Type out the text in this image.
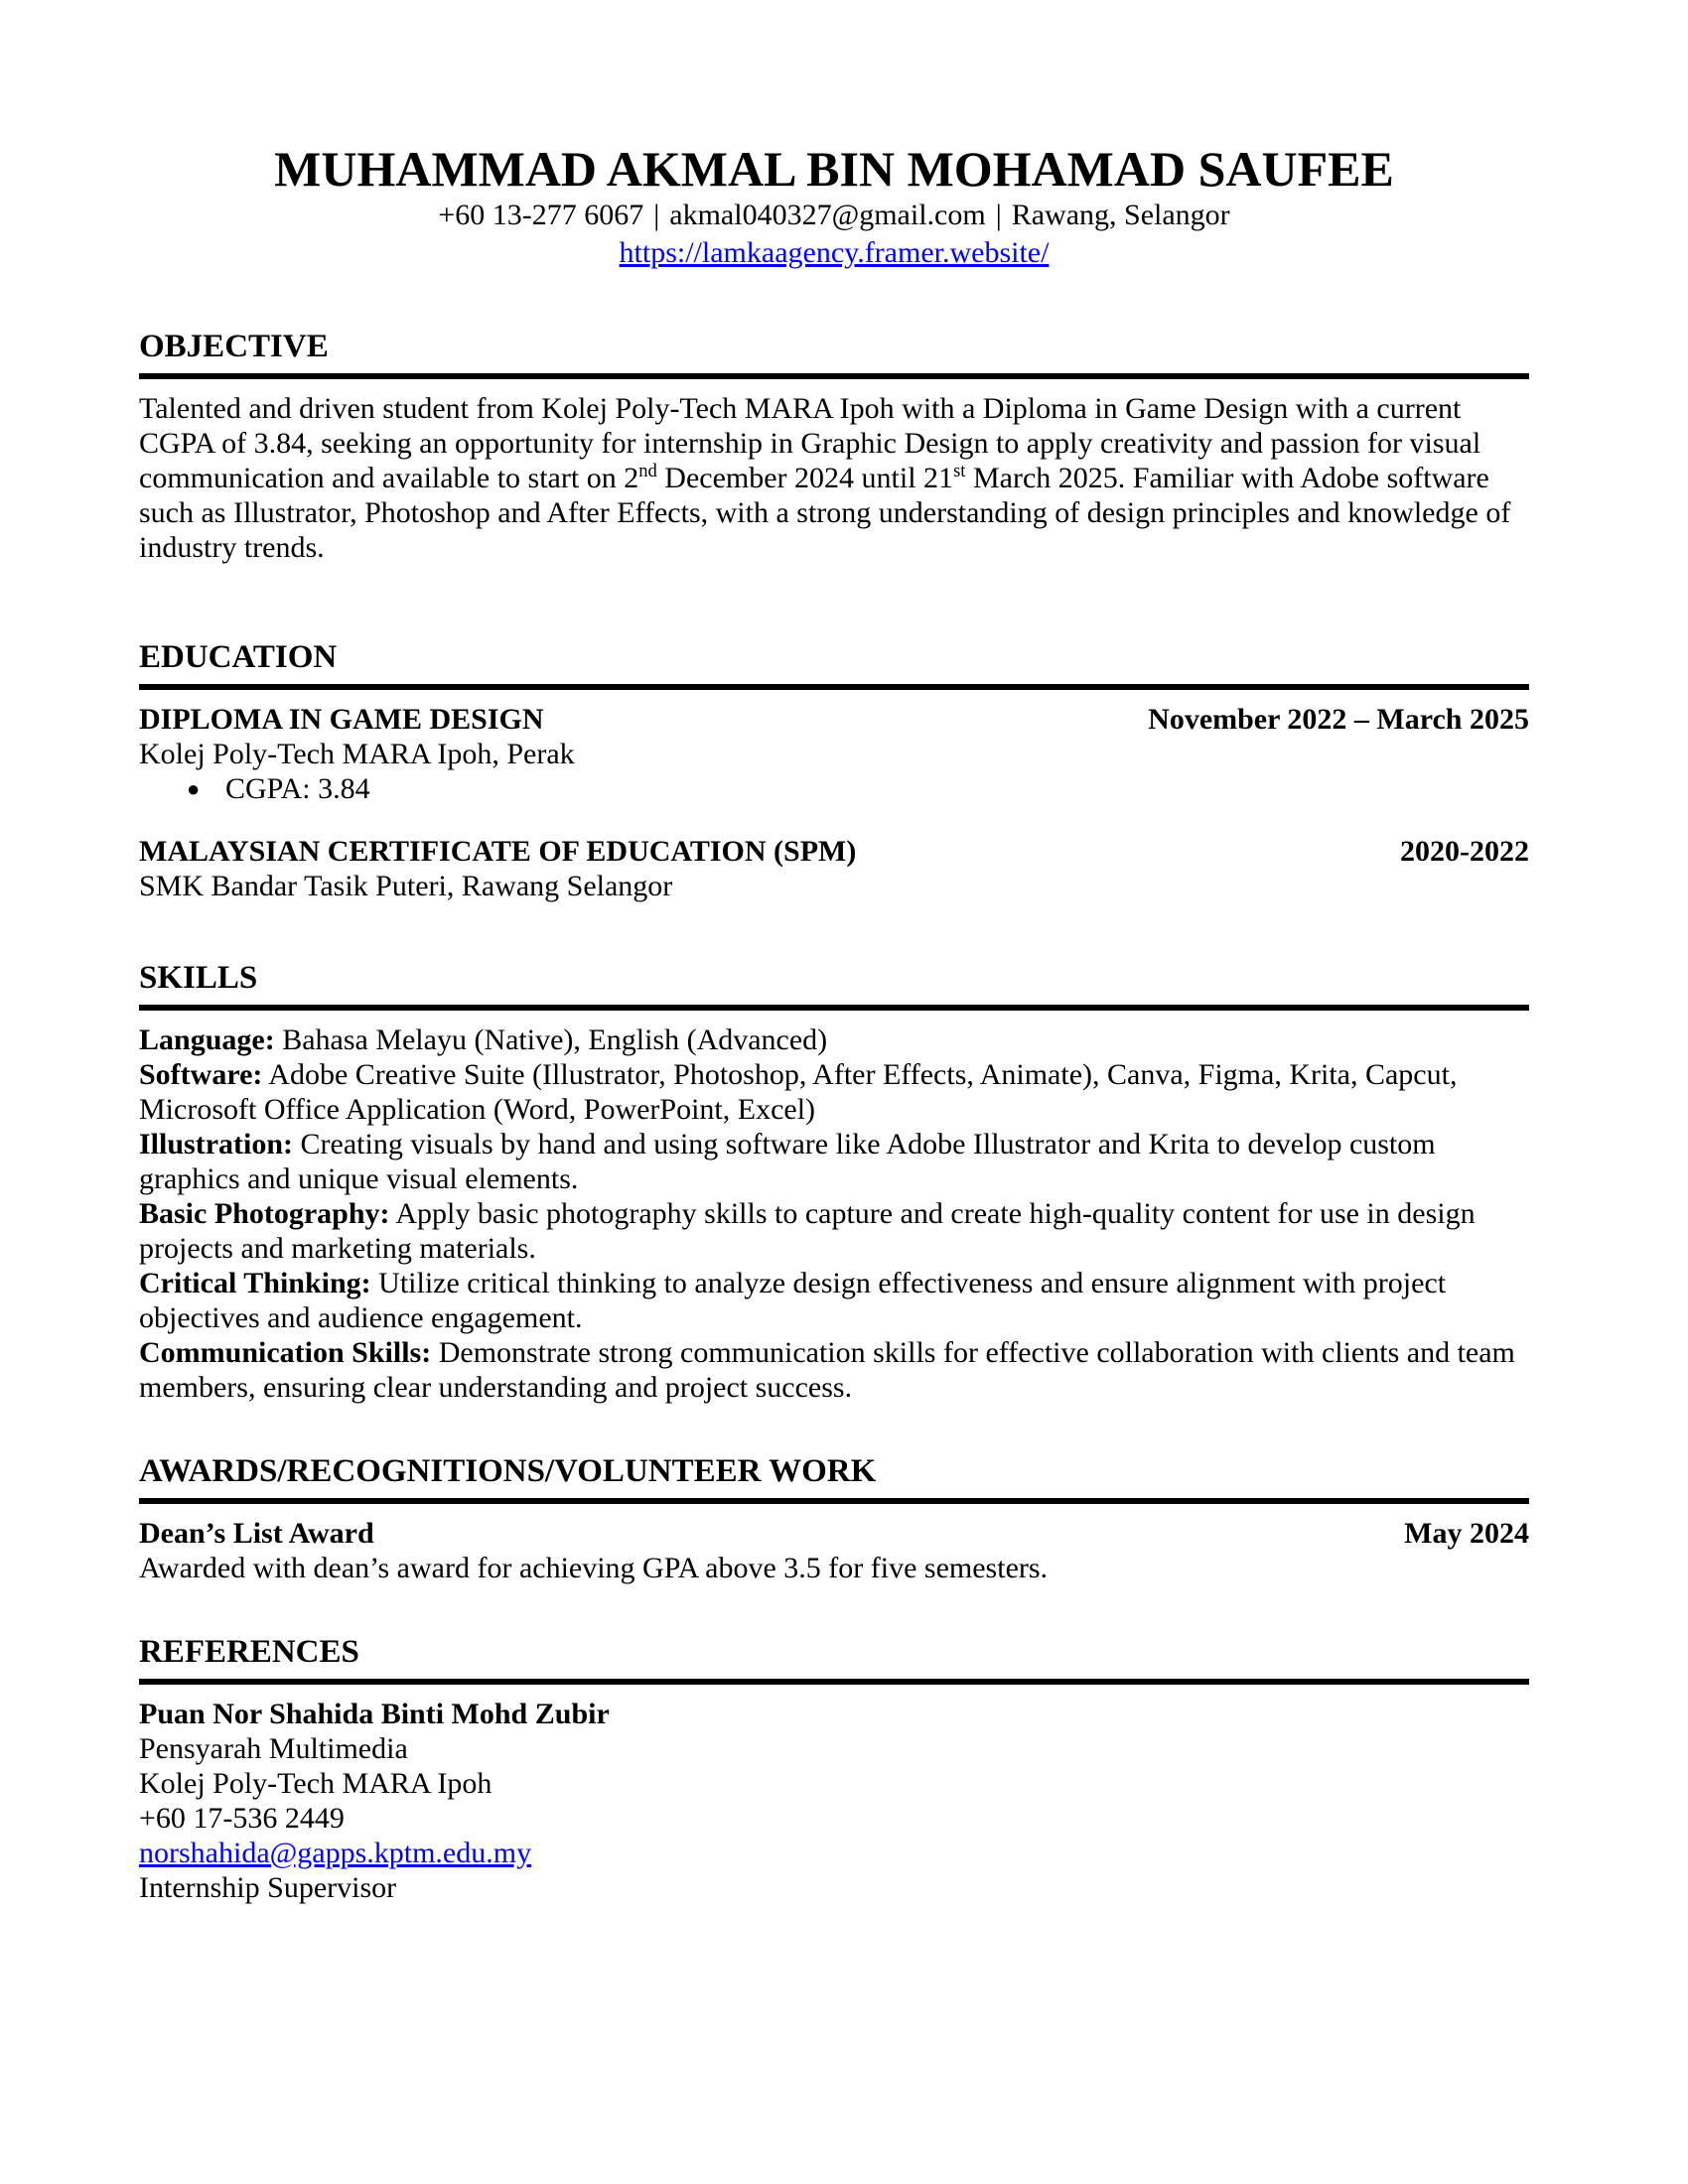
MUHAMMAD AKMAL BIN MOHAMAD SAUFEE
+60 13-277 6067 | akmal040327@gmail.com | Rawang, Selangor
https://lamkaagency.framer.website/
OBJECTIVE

Talented and driven student from Kolej Poly-Tech MARA Ipoh with a Diploma in Game Design with a current CGPA of 3.84, seeking an opportunity for internship in Graphic Design to apply creativity and passion for visual communication and available to start on 2nd December 2024 until 21st March 2025. Familiar with Adobe software such as Illustrator, Photoshop and After Effects, with a strong understanding of design principles and knowledge of industry trends.

EDUCATION
DIPLOMA IN GAME DESIGN	November 2022 – March 2025
Kolej Poly-Tech MARA Ipoh, Perak
● CGPA: 3.84
MALAYSIAN CERTIFICATE OF EDUCATION (SPM)	2020-2022
SMK Bandar Tasik Puteri, Rawang Selangor
SKILLS

Language: Bahasa Melayu (Native), English (Advanced)

Software: Adobe Creative Suite (Illustrator, Photoshop, After Effects, Animate), Canva, Figma, Krita, Capcut, Microsoft Office Application (Word, PowerPoint, Excel)

Illustration: Creating visuals by hand and using software like Adobe Illustrator and Krita to develop custom graphics and unique visual elements.

Basic Photography: Apply basic photography skills to capture and create high-quality content for use in design projects and marketing materials.

Critical Thinking: Utilize critical thinking to analyze design effectiveness and ensure alignment with project objectives and audience engagement.

Communication Skills: Demonstrate strong communication skills for effective collaboration with clients and team members, ensuring clear understanding and project success.

AWARDS/RECOGNITIONS/VOLUNTEER WORK
Dean’s List Award	May 2024
Awarded with dean’s award for achieving GPA above 3.5 for five semesters.
REFERENCES
Puan Nor Shahida Binti Mohd Zubir
Pensyarah Multimedia
Kolej Poly-Tech MARA Ipoh
+60 17-536 2449
norshahida@gapps.kptm.edu.my
Internship Supervisor
